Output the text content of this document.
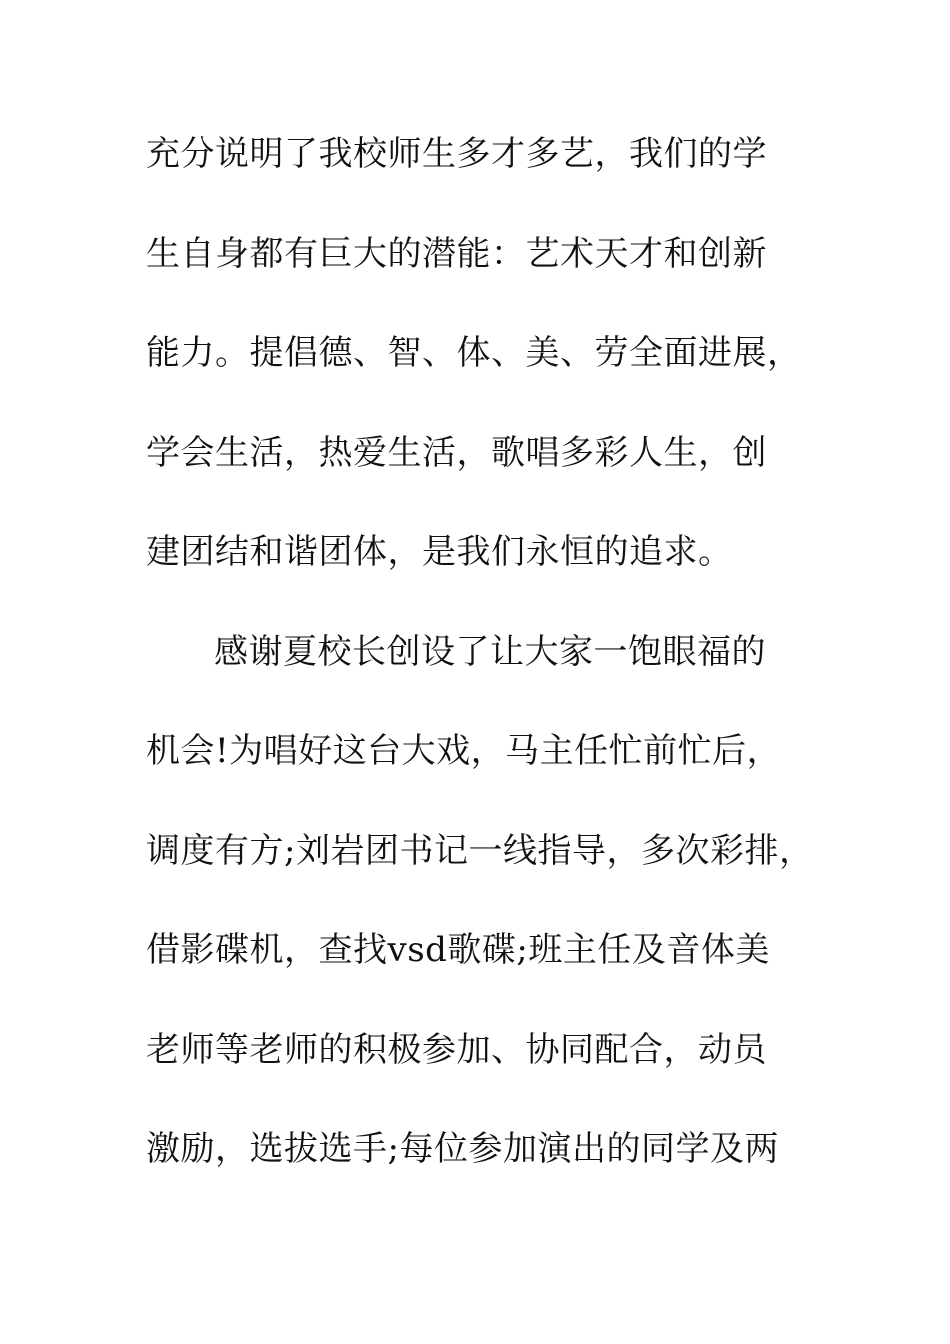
充分说明了我校师生多才多艺，我们的学
生自身都有巨大的潜能：艺术天才和创新
能力。提倡德、智、体、美、劳全面进展，
学会生活，热爱生活，歌唱多彩人生，创
建团结和谐团体，是我们永恒的追求。
感谢夏校长创设了让大家一饱眼福的
机会!为唱好这台大戏，马主任忙前忙后，
调度有方;刘岩团书记一线指导，多次彩排，
借影碟机，查找vsd歌碟;班主任及音体美
老师等老师的积极参加、协同配合，动员
激励，选拔选手;每位参加演出的同学及两
